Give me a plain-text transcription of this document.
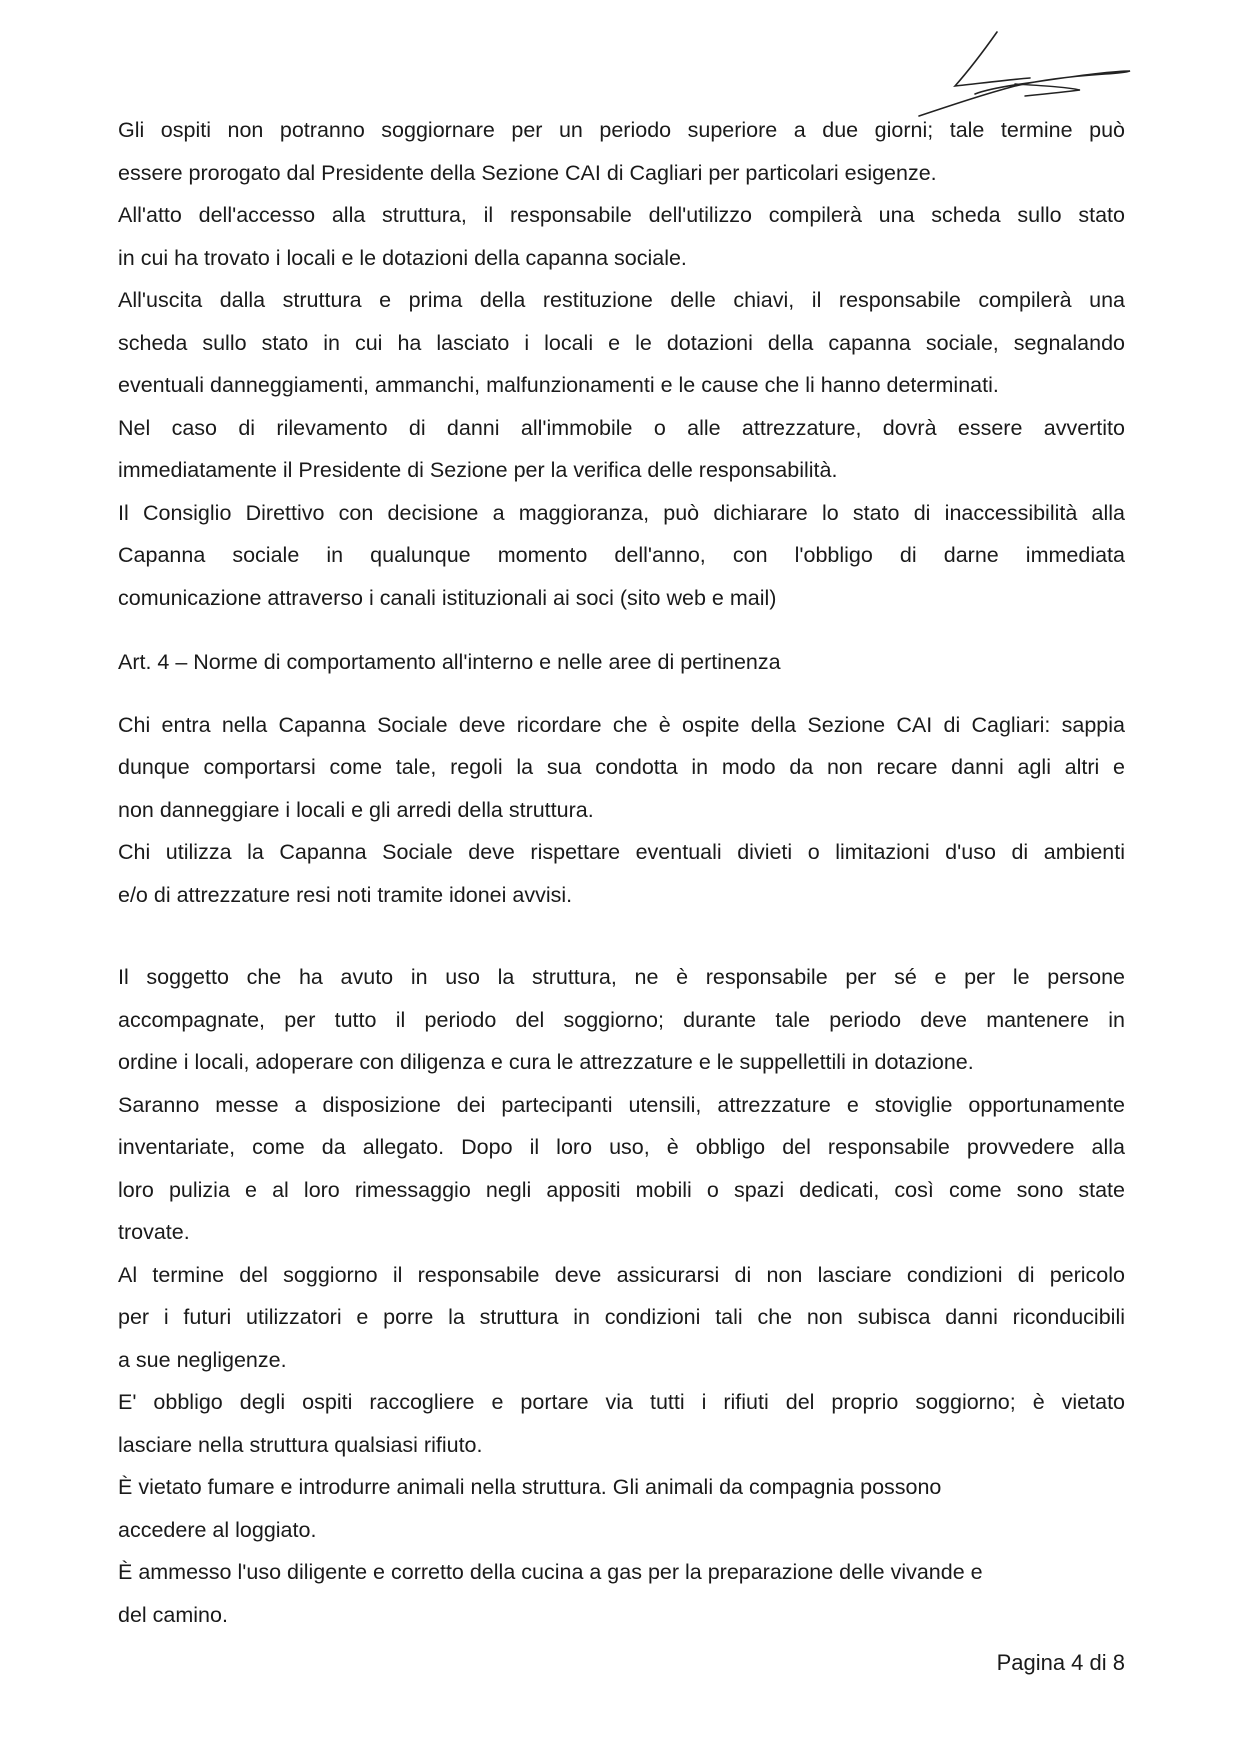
Gli ospiti non potranno soggiornare per un periodo superiore a due giorni; tale termine può
essere prorogato dal Presidente della Sezione CAI di Cagliari per particolari esigenze.
All'atto dell'accesso alla struttura, il responsabile dell'utilizzo compilerà una scheda sullo stato
in cui ha trovato i locali e le dotazioni della capanna sociale.
All'uscita dalla struttura e prima della restituzione delle chiavi, il responsabile compilerà una
scheda sullo stato in cui ha lasciato i locali e le dotazioni della capanna sociale, segnalando
eventuali danneggiamenti, ammanchi, malfunzionamenti e le cause che li hanno determinati.
Nel caso di rilevamento di danni all'immobile o alle attrezzature, dovrà essere avvertito
immediatamente il Presidente di Sezione per la verifica delle responsabilità.
Il Consiglio Direttivo con decisione a maggioranza, può dichiarare lo stato di inaccessibilità alla
Capanna sociale in qualunque momento dell'anno, con l'obbligo di darne immediata
comunicazione attraverso i canali istituzionali ai soci (sito web e mail)
Art. 4 – Norme di comportamento all'interno e nelle aree di pertinenza
Chi entra nella Capanna Sociale deve ricordare che è ospite della Sezione CAI di Cagliari: sappia
dunque comportarsi come tale, regoli la sua condotta in modo da non recare danni agli altri e
non danneggiare i locali e gli arredi della struttura.
Chi utilizza la Capanna Sociale deve rispettare eventuali divieti o limitazioni d'uso di ambienti
e/o di attrezzature resi noti tramite idonei avvisi.
Il soggetto che ha avuto in uso la struttura, ne è responsabile per sé e per le persone
accompagnate, per tutto il periodo del soggiorno; durante tale periodo deve mantenere in
ordine i locali, adoperare con diligenza e cura le attrezzature e le suppellettili in dotazione.
Saranno messe a disposizione dei partecipanti utensili, attrezzature e stoviglie opportunamente
inventariate, come da allegato. Dopo il loro uso, è obbligo del responsabile provvedere alla
loro pulizia e al loro rimessaggio negli appositi mobili o spazi dedicati, così come sono state
trovate.
Al termine del soggiorno il responsabile deve assicurarsi di non lasciare condizioni di pericolo
per i futuri utilizzatori e porre la struttura in condizioni tali che non subisca danni riconducibili
a sue negligenze.
E' obbligo degli ospiti raccogliere e portare via tutti i rifiuti del proprio soggiorno; è vietato
lasciare nella struttura qualsiasi rifiuto.
È vietato fumare e introdurre animali nella struttura. Gli animali da compagnia possono
accedere al loggiato.
È ammesso l'uso diligente e corretto della cucina a gas per la preparazione delle vivande e
del camino.
Pagina 4 di 8
